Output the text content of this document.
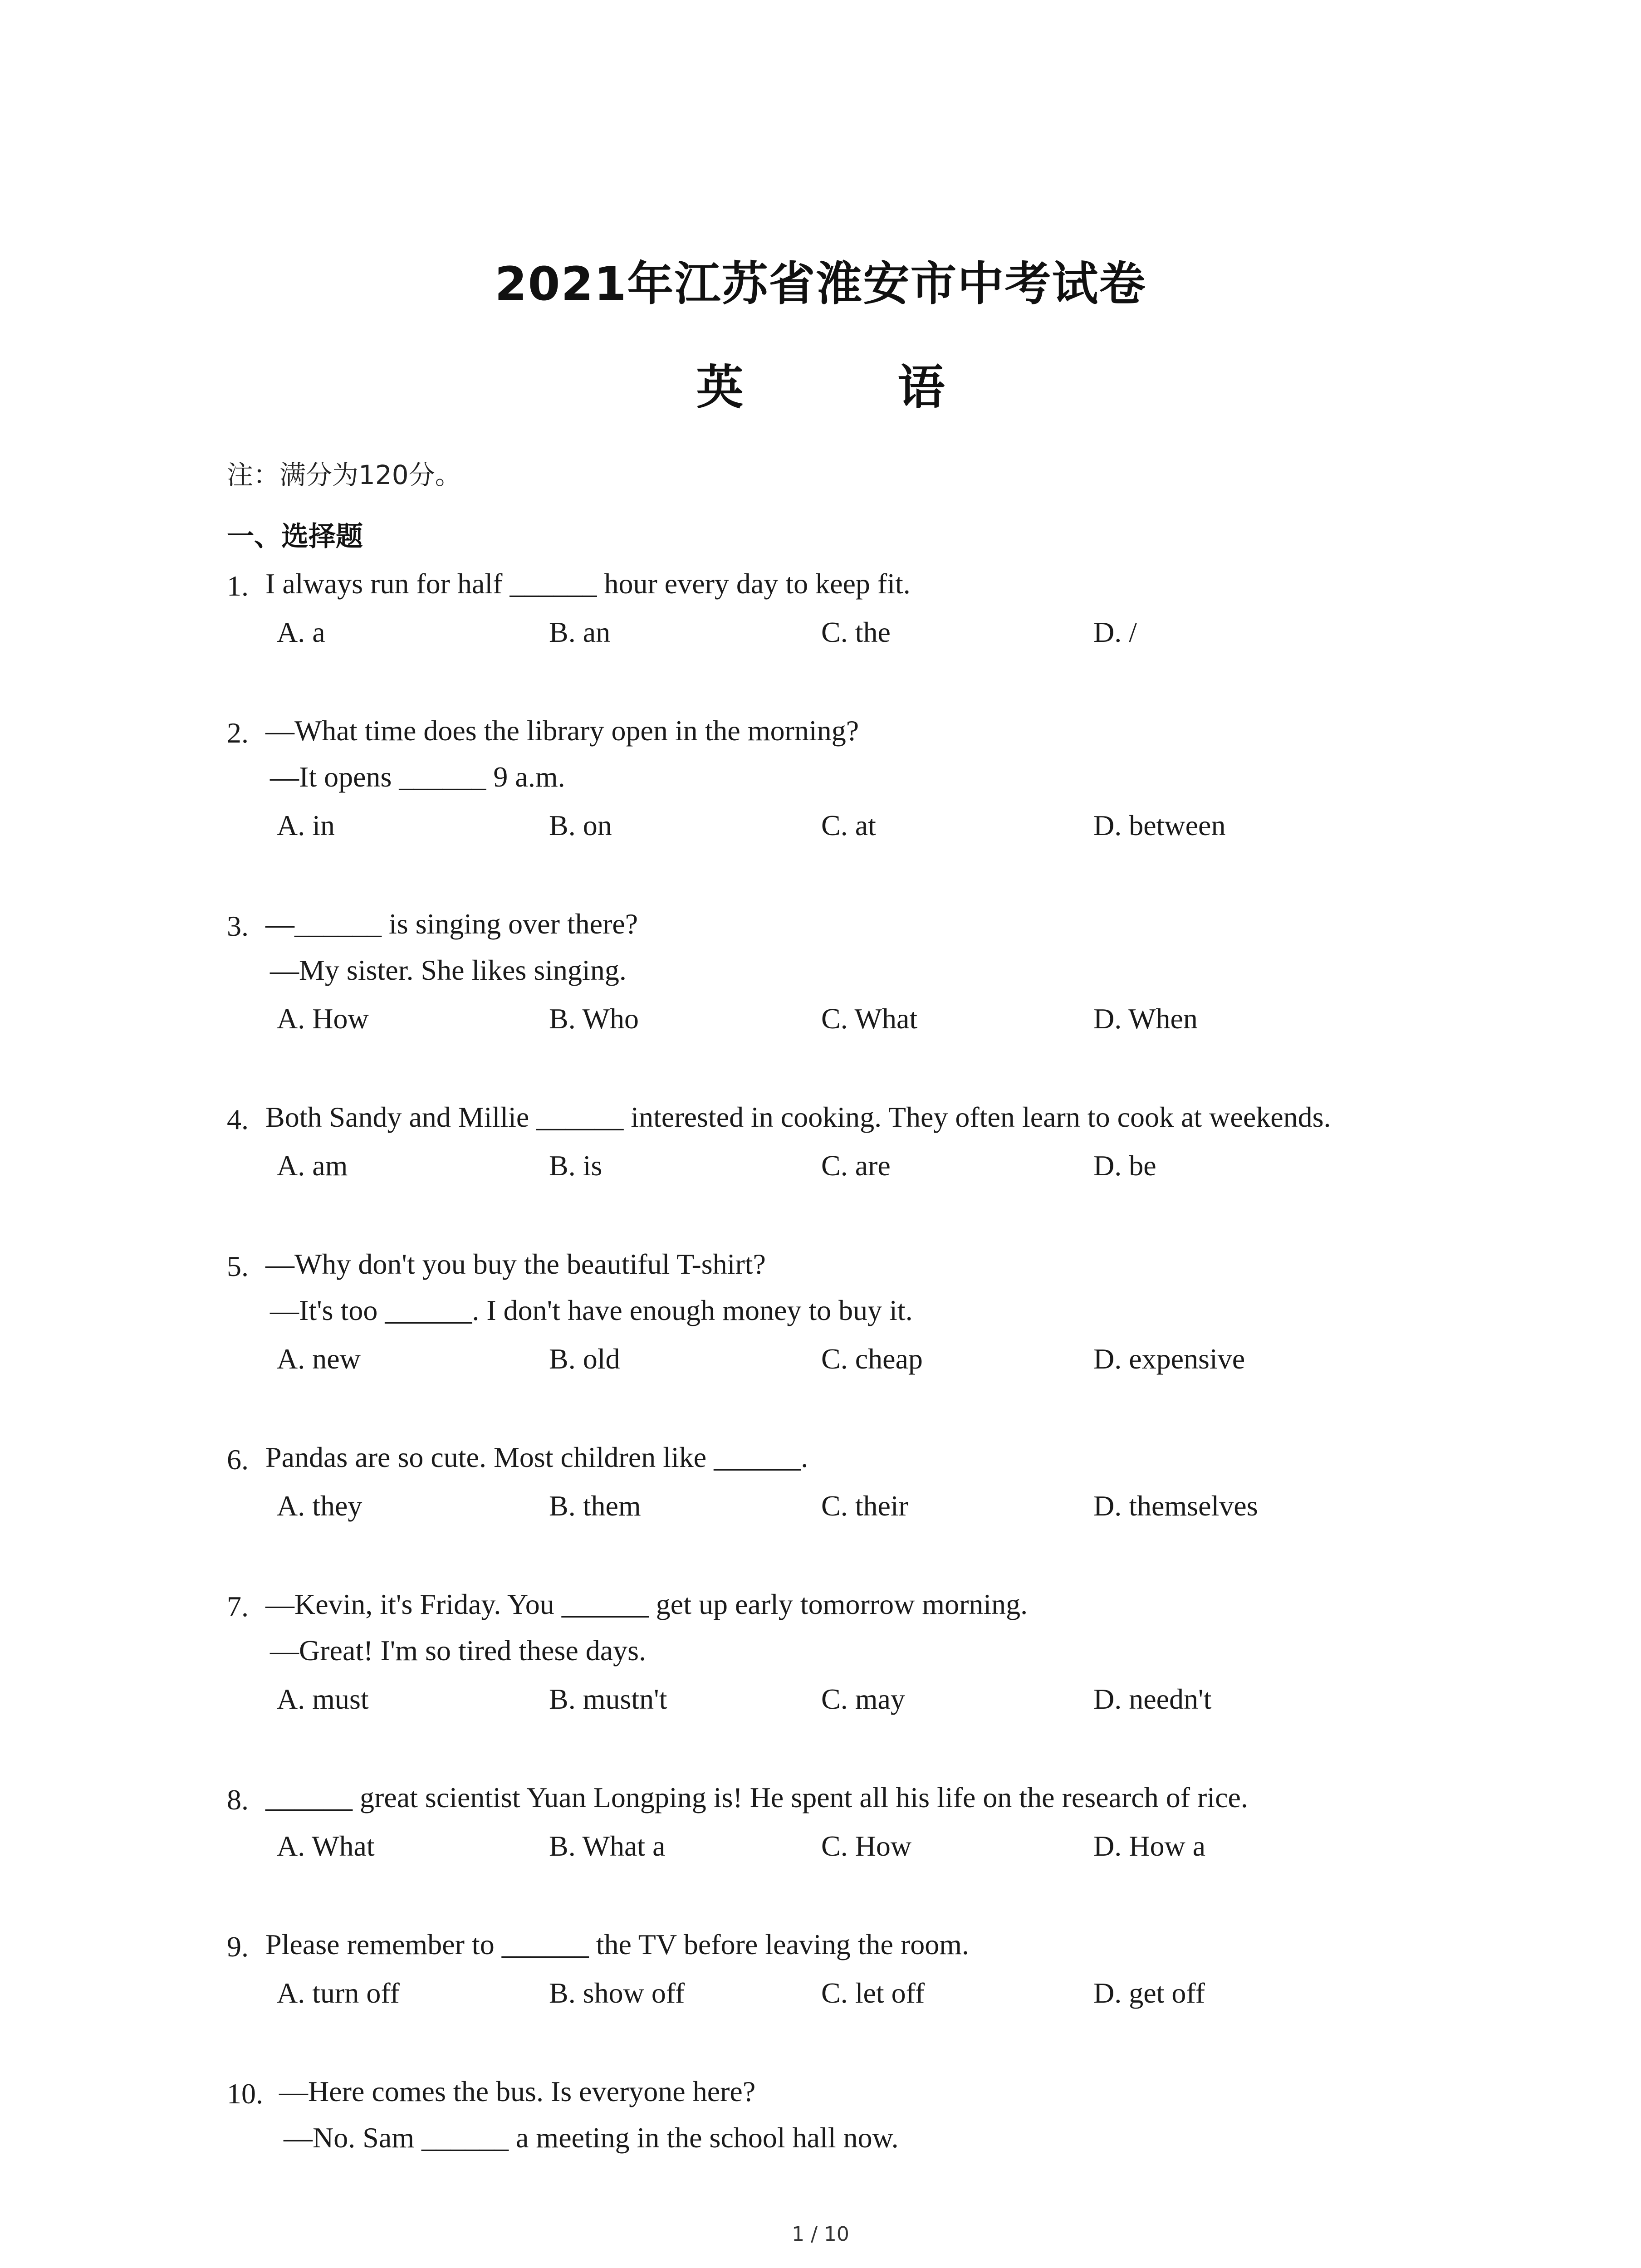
2021年江苏省淮安市中考试卷
英　语
注：满分为120分。
一、选择题
1. I always run for half ______ hour every day to keep fit.
A. a	B. an	C. the	D. /
2. —What time does the library open in the morning?
—It opens ______ 9 a.m.
A. in	B. on	C. at	D. between
3. —______ is singing over there?
—My sister. She likes singing.
A. How	B. Who	C. What	D. When
4. Both Sandy and Millie ______ interested in cooking. They often learn to cook at weekends.
A. am	B. is	C. are	D. be
5. —Why don't you buy the beautiful T-shirt?
—It's too ______. I don't have enough money to buy it.
A. new	B. old	C. cheap	D. expensive
6. Pandas are so cute. Most children like ______.
A. they	B. them	C. their	D. themselves
7. —Kevin, it's Friday. You ______ get up early tomorrow morning.
—Great! I'm so tired these days.
A. must	B. mustn't	C. may	D. needn't
8. ______ great scientist Yuan Longping is! He spent all his life on the research of rice.
A. What	B. What a	C. How	D. How a
9. Please remember to ______ the TV before leaving the room.
A. turn off	B. show off	C. let off	D. get off
10. —Here comes the bus. Is everyone here?
—No. Sam ______ a meeting in the school hall now.
1 / 10
